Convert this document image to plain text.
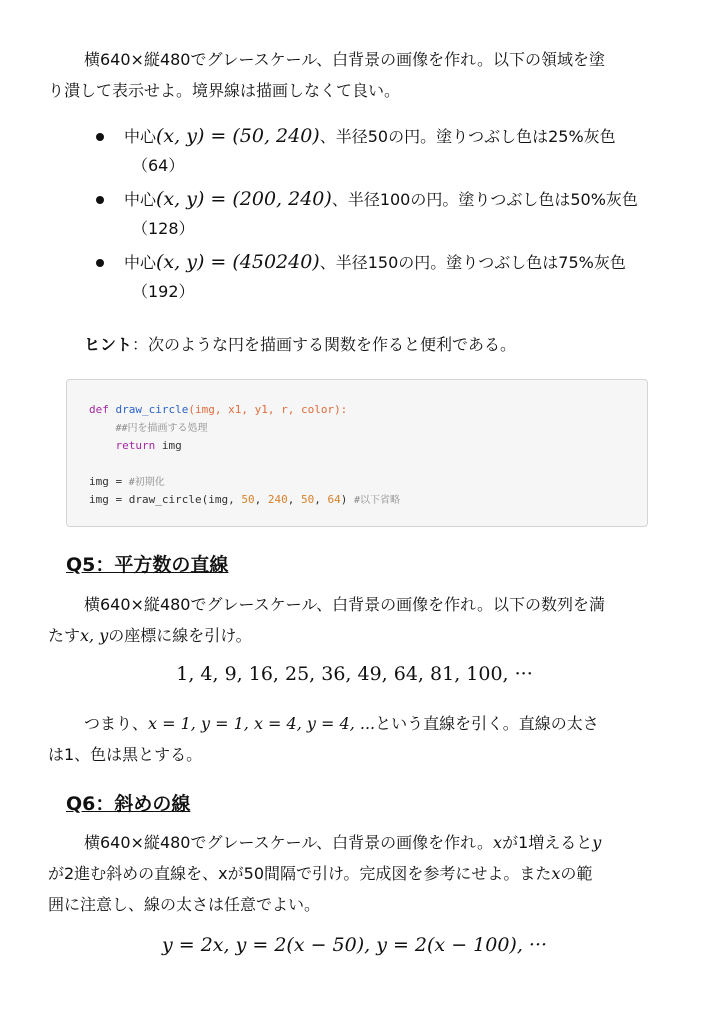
横640×縦480でグレースケール、白背景の画像を作れ。以下の領域を塗
り潰して表示せよ。境界線は描画しなくて良い。

中心(x, y) = (50, 240)、半径50の円。塗りつぶし色は25%灰色
（64）
中心(x, y) = (200, 240)、半径100の円。塗りつぶし色は50%灰色
（128）
中心(x, y) = (450240)、半径150の円。塗りつぶし色は75%灰色
（192）

ヒント：次のような円を描画する関数を作ると便利である。

def draw_circle(img, x1, y1, r, color):
##円を描画する処理
return img
img = #初期化
img = draw_circle(img, 50, 240, 50, 64) #以下省略
Q5：平方数の直線

横640×縦480でグレースケール、白背景の画像を作れ。以下の数列を満
たすx, yの座標に線を引け。

1, 4, 9, 16, 25, 36, 49, 64, 81, 100, ···

つまり、x = 1, y = 1, x = 4, y = 4, ...という直線を引く。直線の太さ
は1、色は黒とする。

Q6：斜めの線

横640×縦480でグレースケール、白背景の画像を作れ。xが1増えるとy
が2進む斜めの直線を、xが50間隔で引け。完成図を参考にせよ。またxの範
囲に注意し、線の太さは任意でよい。

y = 2x, y = 2(x − 50), y = 2(x − 100), ···
